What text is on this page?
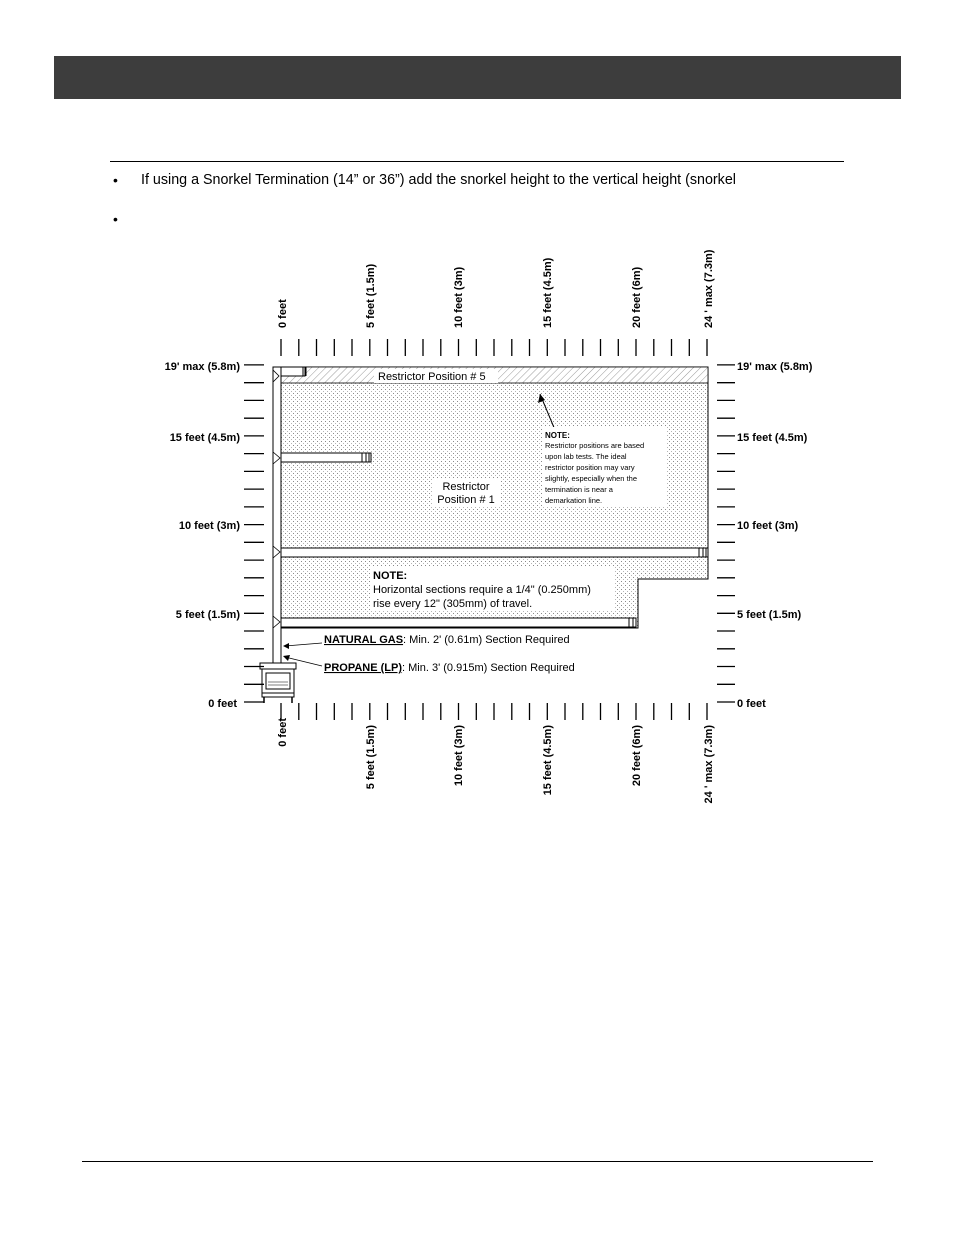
• If using a Snorkel Termination (14” or 36”) add the snorkel height to the vertical height (snorkel
•
0 feet	5 feet (1.5m)	10 feet (3m)	15 feet (4.5m)	20 feet (6m)	24 ' max (7.3m)
0 feet	5 feet (1.5m)	10 feet (3m)	15 feet (4.5m)	20 feet (6m)	24 ' max (7.3m)
19' max (5.8m)
15 feet (4.5m)
10 feet (3m)
5 feet (1.5m)
0 feet
19' max (5.8m)
15 feet (4.5m)
10 feet (3m)
5 feet (1.5m)
0 feet
Restrictor Position # 5
Restrictor
Position # 1
NOTE:
Restrictor positions are based
upon lab tests. The ideal
restrictor position may vary
slightly, especially when the
termination is near a
demarkation line.
NOTE:
Horizontal sections require a 1/4" (0.250mm)
rise every 12" (305mm) of travel.
NATURAL GAS: Min. 2' (0.61m) Section Required
PROPANE (LP): Min. 3' (0.915m) Section Required
